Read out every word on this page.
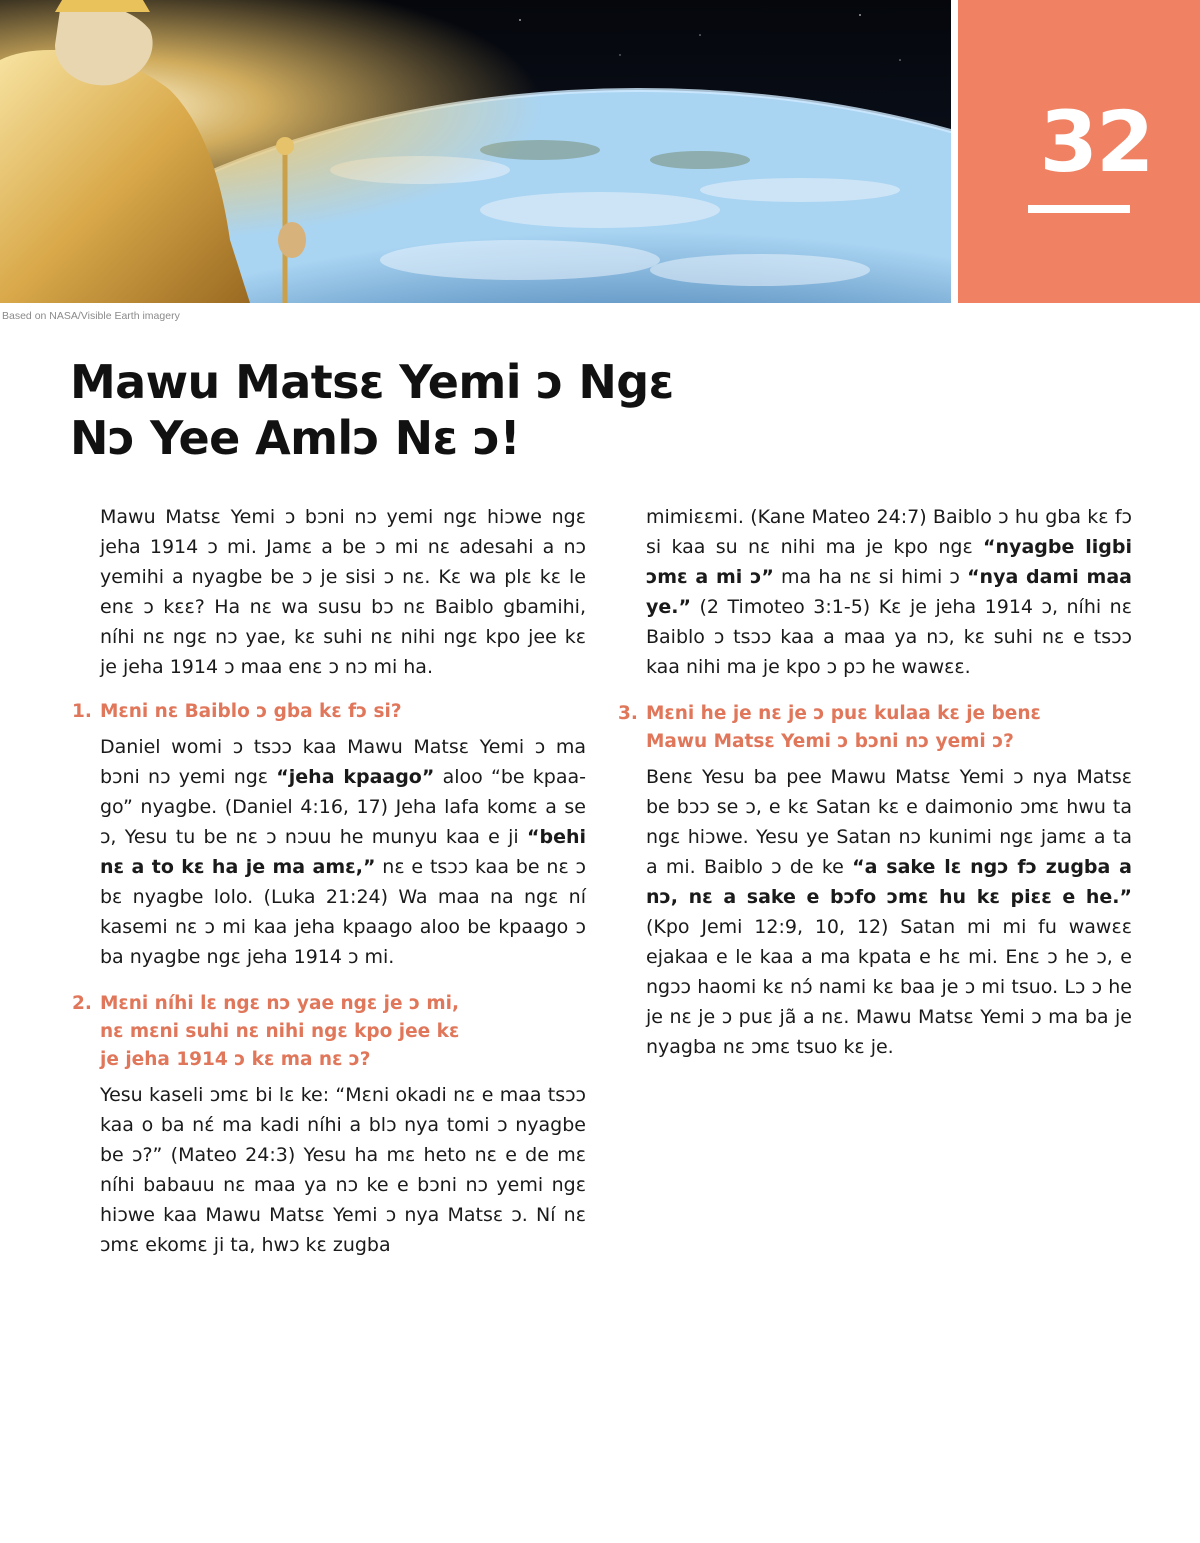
32
Based on NASA/Visible Earth imagery
Mawu Matsɛ Yemi ɔ Ngɛ
Nɔ Yee Amlɔ Nɛ ɔ!

Mawu Matsɛ Yemi ɔ bɔni nɔ yemi ngɛ hiɔwe ngɛ jeha 1914 ɔ mi. Jamɛ a be ɔ mi nɛ adesahi a nɔ yemihi a nyagbe be ɔ je sisi ɔ nɛ. Kɛ wa plɛ kɛ le enɛ ɔ kɛɛ? Ha nɛ wa susu bɔ nɛ Baiblo gbamihi, níhi nɛ ngɛ nɔ yae, kɛ suhi nɛ nihi ngɛ kpo jee kɛ je jeha 1914 ɔ maa enɛ ɔ nɔ mi ha.

1. Mɛni nɛ Baiblo ɔ gba kɛ fɔ si?

Daniel womi ɔ tsɔɔ kaa Mawu Matsɛ Yemi ɔ ma bɔni nɔ yemi ngɛ “jeha kpaago” aloo “be kpaago” nyagbe. (Daniel 4:16, 17) Jeha lafa komɛ a se ɔ, Yesu tu be nɛ ɔ nɔuu he munyu kaa e ji “behi nɛ a to kɛ ha je ma amɛ,” nɛ e tsɔɔ kaa be nɛ ɔ bɛ nyagbe lolo. (Luka 21:24) Wa maa na ngɛ ní kasemi nɛ ɔ mi kaa jeha kpaago aloo be kpaago ɔ ba nyagbe ngɛ jeha 1914 ɔ mi.

2. Mɛni níhi lɛ ngɛ nɔ yae ngɛ je ɔ mi,
nɛ mɛni suhi nɛ nihi ngɛ kpo jee kɛ
je jeha 1914 ɔ kɛ ma nɛ ɔ?

Yesu kaseli ɔmɛ bi lɛ ke: “Mɛni okadi nɛ e maa tsɔɔ kaa o ba nɛ́ ma kadi níhi a blɔ nya tomi ɔ nyagbe be ɔ?” (Mateo 24:3) Yesu ha mɛ heto nɛ e de mɛ níhi babauu nɛ maa ya nɔ ke e bɔni nɔ yemi ngɛ hiɔwe kaa Mawu Matsɛ Yemi ɔ nya Matsɛ ɔ. Ní nɛ ɔmɛ ekomɛ ji ta, hwɔ kɛ zugba

mimiɛɛmi. (Kane Mateo 24:7) Baiblo ɔ hu gba kɛ fɔ si kaa su nɛ nihi ma je kpo ngɛ “nyagbe ligbi ɔmɛ a mi ɔ” ma ha nɛ si himi ɔ “nya dami maa ye.” (2 Timoteo 3:1-5) Kɛ je jeha 1914 ɔ, níhi nɛ Baiblo ɔ tsɔɔ kaa a maa ya nɔ, kɛ suhi nɛ e tsɔɔ kaa nihi ma je kpo ɔ pɔ he wawɛɛ.

3. Mɛni he je nɛ je ɔ puɛ kulaa kɛ je benɛ
Mawu Matsɛ Yemi ɔ bɔni nɔ yemi ɔ?

Benɛ Yesu ba pee Mawu Matsɛ Yemi ɔ nya Matsɛ be bɔɔ se ɔ, e kɛ Satan kɛ e daimonio ɔmɛ hwu ta ngɛ hiɔwe. Yesu ye Satan nɔ kunimi ngɛ jamɛ a ta a mi. Baiblo ɔ de ke “a sake lɛ ngɔ fɔ zugba a nɔ, nɛ a sake e bɔfo ɔmɛ hu kɛ piɛɛ e he.” (Kpo Jemi 12:9, 10, 12) Satan mi mi fu wawɛɛ ejakaa e le kaa a ma kpata e hɛ mi. Enɛ ɔ he ɔ, e ngɔɔ haomi kɛ nɔ́ nami kɛ baa je ɔ mi tsuo. Lɔ ɔ he je nɛ je ɔ puɛ jã a nɛ. Mawu Matsɛ Yemi ɔ ma ba je nyagba nɛ ɔmɛ tsuo kɛ je.
